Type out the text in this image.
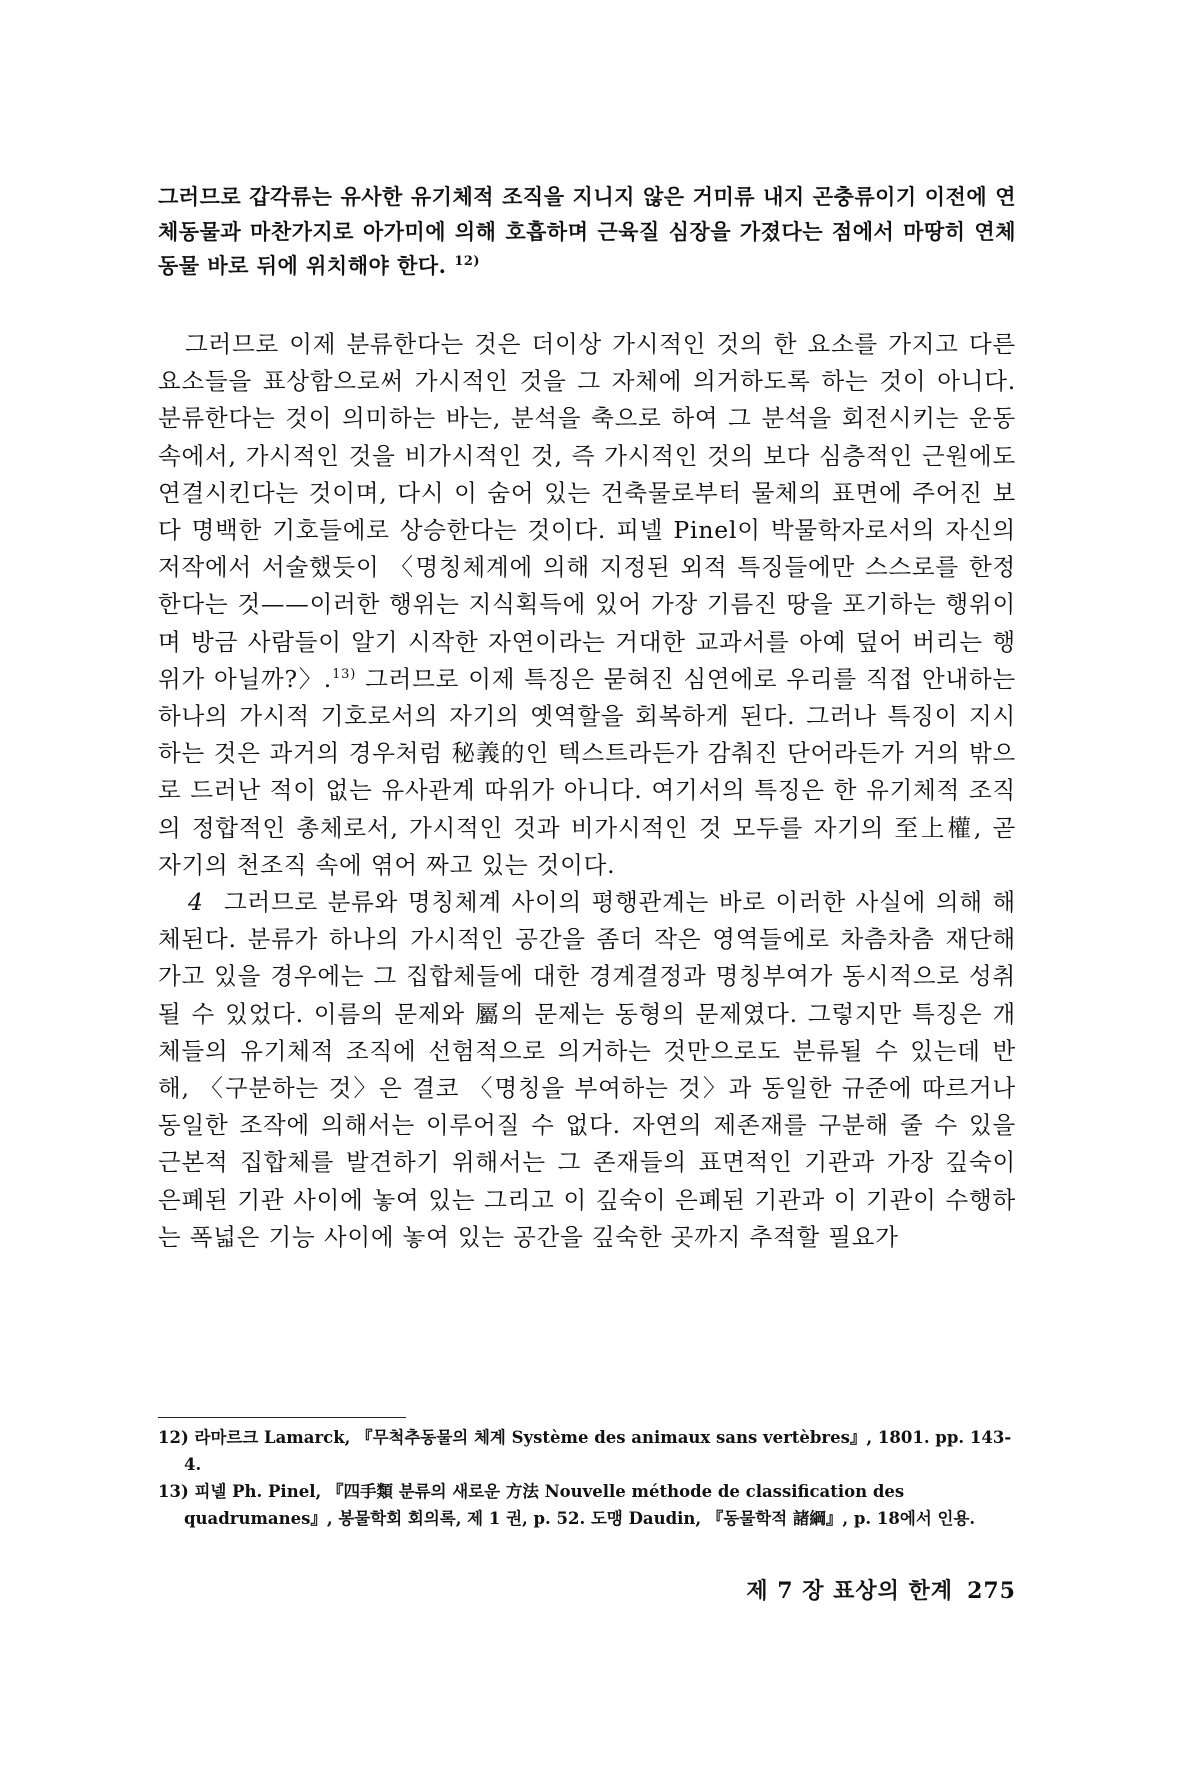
그러므로 갑각류는 유사한 유기체적 조직을 지니지 않은 거미류 내지 곤충류이기 이전에 연체동물과 마찬가지로 아가미에 의해 호흡하며 근육질 심장을 가졌다는 점에서 마땅히 연체동물 바로 뒤에 위치해야 한다. $^{12)}$

그러므로 이제 분류한다는 것은 더이상 가시적인 것의 한 요소를 가지고 다른 요소들을 표상함으로써 가시적인 것을 그 자체에 의거하도록 하는 것이 아니다. 분류한다는 것이 의미하는 바는, 분석을 축으로 하여 그 분석을 회전시키는 운동 속에서, 가시적인 것을 비가시적인 것, 즉 가시적인 것의 보다 심층적인 근원에도 연결시킨다는 것이며, 다시 이 숨어 있는 건축물로부터 물체의 표면에 주어진 보다 명백한 기호들에로 상승한다는 것이다. 피넬 Pinel이 박물학자로서의 자신의 저작에서 서술했듯이 〈명칭체계에 의해 지정된 외적 특징들에만 스스로를 한정한다는 것——이러한 행위는 지식획득에 있어 가장 기름진 땅을 포기하는 행위이며 방금 사람들이 알기 시작한 자연이라는 거대한 교과서를 아예 덮어 버리는 행위가 아닐까?〉.$^{13)}$ 그러므로 이제 특징은 묻혀진 심연에로 우리를 직접 안내하는 하나의 가시적 기호로서의 자기의 옛역할을 회복하게 된다. 그러나 특징이 지시하는 것은 과거의 경우처럼 秘義的인 텍스트라든가 감춰진 단어라든가 거의 밖으로 드러난 적이 없는 유사관계 따위가 아니다. 여기서의 특징은 한 유기체적 조직의 정합적인 총체로서, 가시적인 것과 비가시적인 것 모두를 자기의 至上權, 곧 자기의 천조직 속에 엮어 짜고 있는 것이다.

4 그러므로 분류와 명칭체계 사이의 평행관계는 바로 이러한 사실에 의해 해체된다. 분류가 하나의 가시적인 공간을 좀더 작은 영역들에로 차츰차츰 재단해 가고 있을 경우에는 그 집합체들에 대한 경계결정과 명칭부여가 동시적으로 성취될 수 있었다. 이름의 문제와 屬의 문제는 동형의 문제였다. 그렇지만 특징은 개체들의 유기체적 조직에 선험적으로 의거하는 것만으로도 분류될 수 있는데 반해, 〈구분하는 것〉은 결코 〈명칭을 부여하는 것〉과 동일한 규준에 따르거나 동일한 조작에 의해서는 이루어질 수 없다. 자연의 제존재를 구분해 줄 수 있을 근본적 집합체를 발견하기 위해서는 그 존재들의 표면적인 기관과 가장 깊숙이 은폐된 기관 사이에 놓여 있는 그리고 이 깊숙이 은폐된 기관과 이 기관이 수행하는 폭넓은 기능 사이에 놓여 있는 공간을 깊숙한 곳까지 추적할 필요가

12) 라마르크 Lamarck, 『무척추동물의 체계 Système des animaux sans vertèbres』, 1801. pp. 143-4.

13) 피넬 Ph. Pinel, 『四手類 분류의 새로운 方法 Nouvelle méthode de classification des quadrumanes』, 봉물학회 회의록, 제 1 권, p. 52. 도맹 Daudin, 『동물학적 諸綱』, p. 18에서 인용.

제 7 장 표상의 한계 275
